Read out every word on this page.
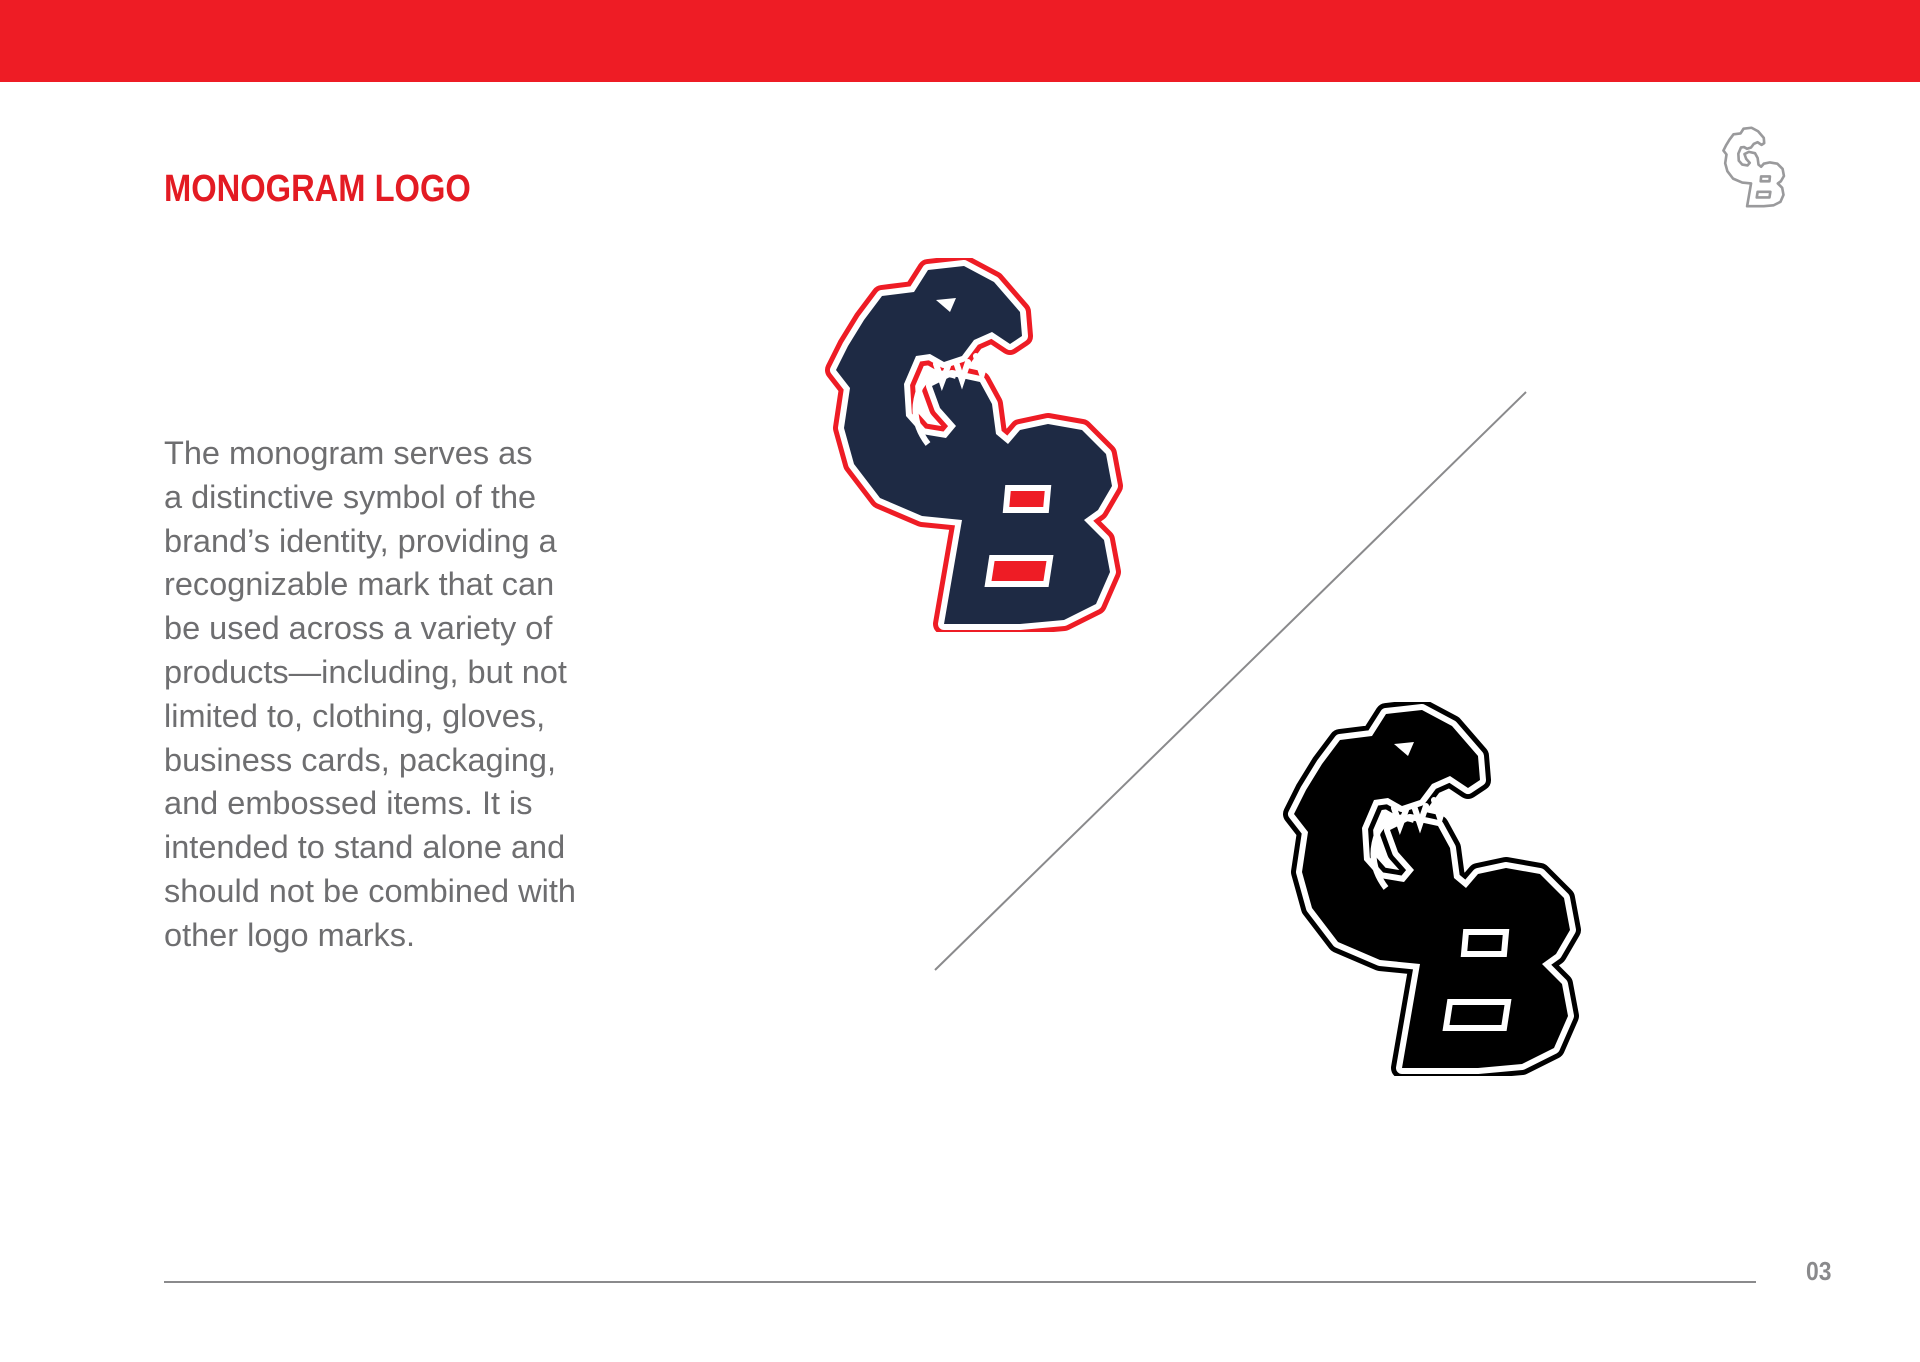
MONOGRAM LOGO

The monogram serves as
a distinctive symbol of the
brand’s identity, providing a
recognizable mark that can
be used across a variety of
products—including, but not
limited to, clothing, gloves,
business cards, packaging,
and embossed items. It is
intended to stand alone and
should not be combined with
other logo marks.

03
